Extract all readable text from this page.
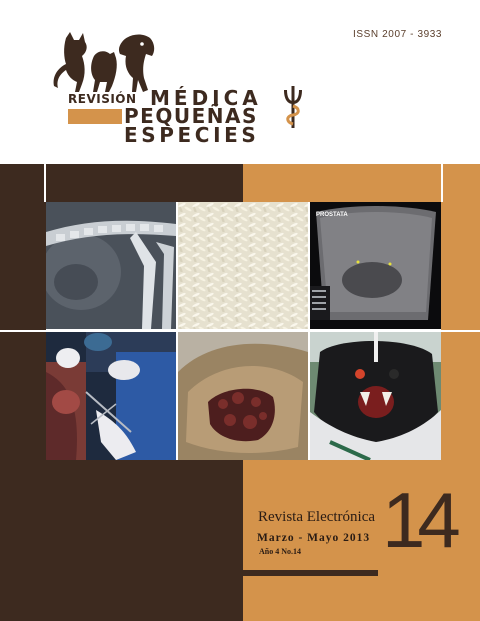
ISSN 2007 - 3933
REVISIÓN MÉDICA
PEQUEÑAS
ESPECIES
PROSTATA
Revista Electrónica
Marzo - Mayo 2013
Año 4 No.14 14
